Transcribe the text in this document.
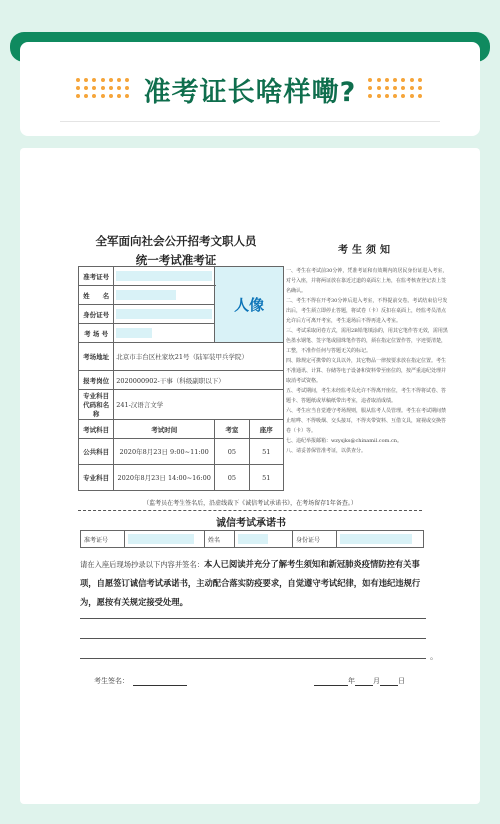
准考证长啥样嘞?
全军面向社会公开招考文职人员
统一考试准考证
准考证号		人像	
姓　　名			
身份证号			
考 场 号			
考场地址	北京市丰台区杜家坎21号（陆军装甲兵学院）		
报考岗位	2020000902-干事（科级副职以下）		
专业科目代码和名称	241-汉语言文学		
考试科目	考试时间	考室	座序
公共科目	2020年8月23日 9:00~11:00	05	51
专业科目	2020年8月23日 14:00~16:00	05	51
考生须知

一、考生在考试前30分钟，凭准考证和有效期内的居民身份证进入考室，对号入座，并将两证放在靠近过道的桌面左上角，在监考核查登记表上签名确认。

二、考生不得在开考30分钟后进入考室，不得提前交卷。考试结束信号发出后，考生须立即停止答题，将试卷（卡）反扣在桌面上，经监考员清点允许后方可离开考室，考生退场后不得再进入考室。

三、考试采取闭卷方式，需用2B铅笔填涂的，用其它笔作答无效，需用黑色墨水钢笔、签字笔或圆珠笔作答的，须在指定位置作答，字迹要清楚，工整，不准作任何与答题无关的标记。

四、除规定可携带的文具以外，其它物品一律按要求放在指定位置。考生不准通讯、计算、存储等电子设备和资料带至座位的，按严重违纪处理并取消考试资格。

五、考试期间，考生未经监考员允许不得离开座位，考生不得将试卷、答题卡、答题纸或草稿纸带出考室，违者取消成绩。

六、考生应当自觉遵守考场规则，服从监考人员管理。考生在考试期间禁止喧哗、不得吸烟、交头接耳，不得夹带资料、互借文具，窥视或交换答卷（卡）等。

七、违纪举报邮箱：wzysjks@chinamil.com.cn。

八、请妥善保管准考证，以供查分。

（监考员在考生签名后，沿虚线裁下《诚信考试承诺书》，在考场留存1年备查。）
诚信考试承诺书
准考证号		姓名		身份证号	
请在入座后现场抄录以下内容并签名：本人已阅读并充分了解考生须知和新冠肺炎疫情防控有关事项，自愿签订诚信考试承诺书，主动配合落实防疫要求，自觉遵守考试纪律，如有违纪违规行为，愿按有关规定接受处理。
。
考生签名：	年	月	日
